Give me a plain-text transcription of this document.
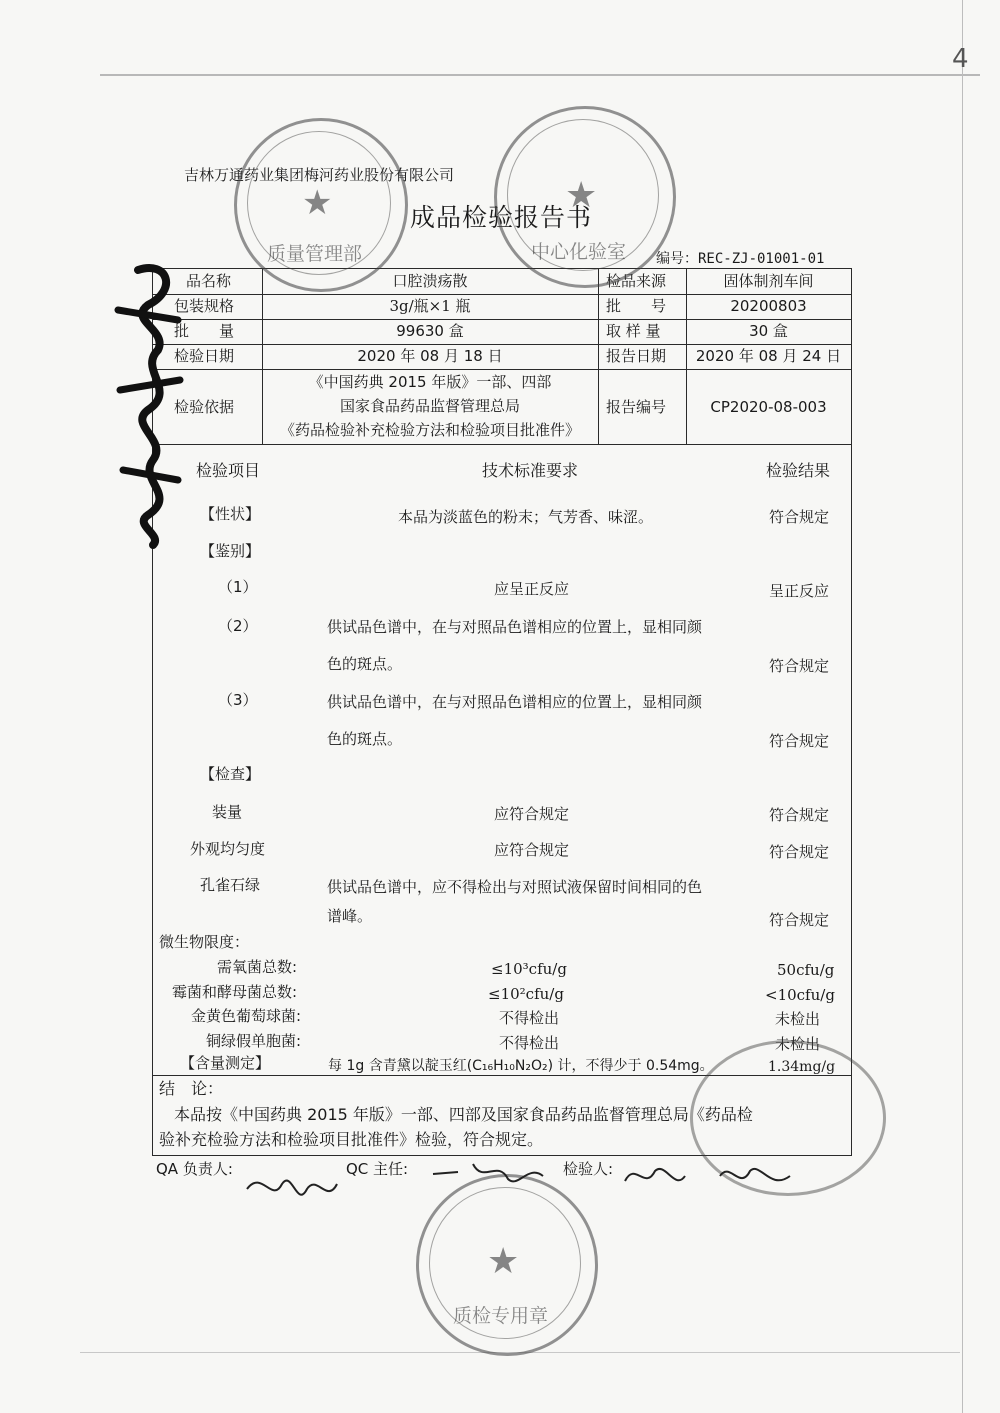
4
吉林万通药业集团梅河药业股份有限公司
成品检验报告书
编号：REC-ZJ-01001-01
品名称	口腔溃疡散	检品来源	固体制剂车间
包装规格	3g/瓶×1 瓶	批　　号	20200803
批　　量	99630 盒	取 样 量	30 盒
检验日期	2020 年 08 月 18 日	报告日期	2020 年 08 月 24 日
检验依据
《中国药典 2015 年版》一部、四部
国家食品药品监督管理总局
《药品检验补充检验方法和检验项目批准件》
报告编号	CP2020-08-003
检验项目	技术标准要求	检验结果
【性状】	本品为淡蓝色的粉末；气芳香、味涩。	符合规定
【鉴别】
（1）	应呈正反应	呈正反应
（2）	供试品色谱中，在与对照品色谱相应的位置上，显相同颜
色的斑点。	符合规定
（3）	供试品色谱中，在与对照品色谱相应的位置上，显相同颜
色的斑点。	符合规定
【检查】
装量	应符合规定	符合规定
外观均匀度	应符合规定	符合规定
孔雀石绿	供试品色谱中，应不得检出与对照试液保留时间相同的色
谱峰。	符合规定
微生物限度：
需氧菌总数:	≤10³cfu/g	50cfu/g
霉菌和酵母菌总数:	≤10²cfu/g	<10cfu/g
金黄色葡萄球菌:	不得检出	未检出
铜绿假单胞菌:	不得检出	未检出
【含量测定】	每 1g 含青黛以靛玉红(C₁₆H₁₀N₂O₂) 计，不得少于 0.54mg。	1.34mg/g
结　论：
本品按《中国药典 2015 年版》一部、四部及国家食品药品监督管理总局《药品检
验补充检验方法和检验项目批准件》检验，符合规定。
QA 负责人:	QC 主任:	检验人:
★
质量管理部
★
中心化验室
★
质检专用章
